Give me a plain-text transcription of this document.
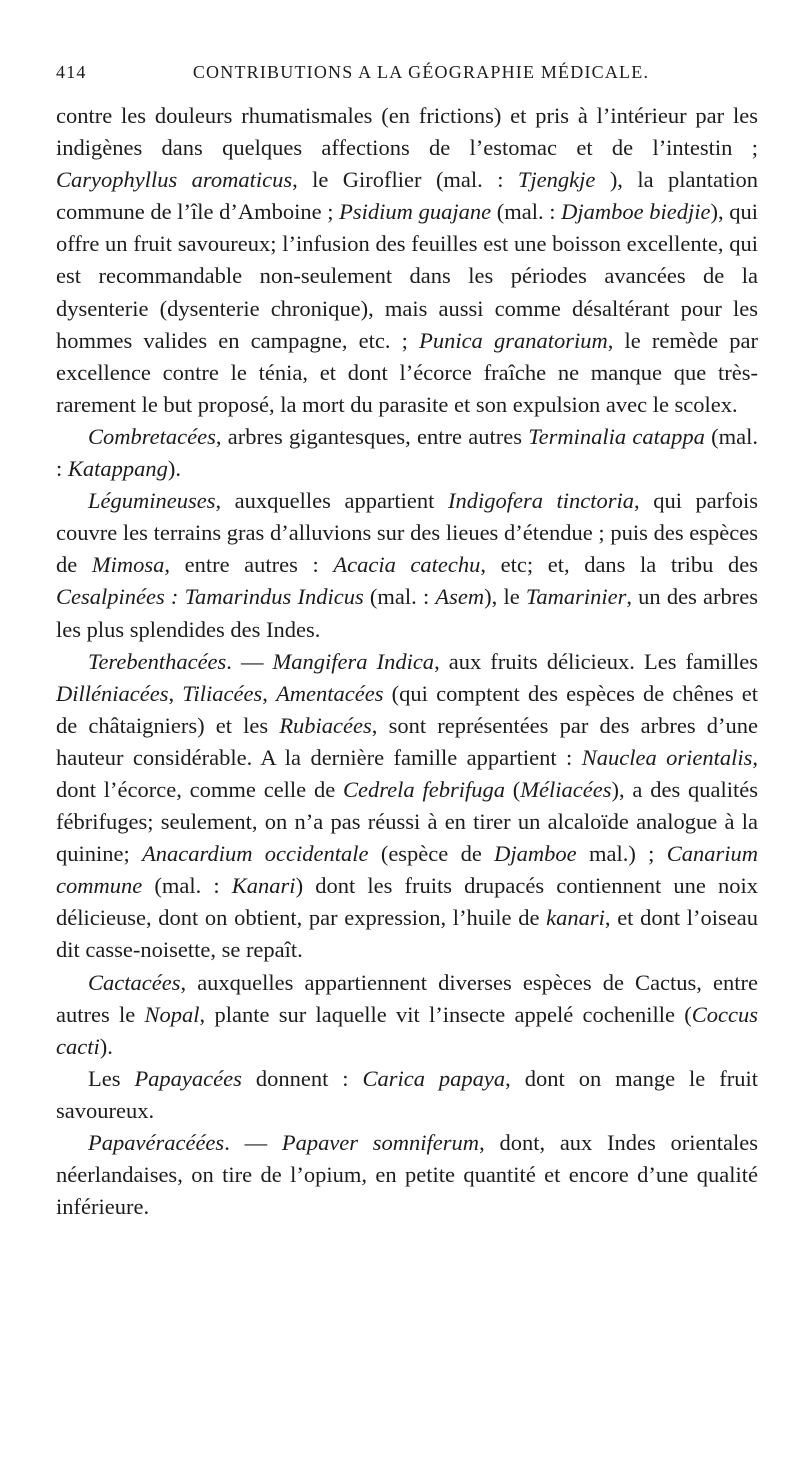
414	CONTRIBUTIONS A LA GÉOGRAPHIE MÉDICALE.

contre les douleurs rhumatismales (en frictions) et pris à l’intérieur par les indigènes dans quelques affections de l’estomac et de l’intestin ; Caryophyllus aromaticus, le Giroflier (mal. : Tjengkje ), la plantation commune de l’île d’Amboine ; Psidium guajane (mal. : Djamboe biedjie), qui offre un fruit savoureux; l’infusion des feuilles est une boisson excellente, qui est recommandable non-seulement dans les périodes avancées de la dysenterie (dysenterie chronique), mais aussi comme désaltérant pour les hommes valides en campagne, etc. ; Punica granatorium, le remède par excellence contre le ténia, et dont l’écorce fraîche ne manque que très-rarement le but proposé, la mort du parasite et son expulsion avec le scolex.

Combretacées, arbres gigantesques, entre autres Terminalia catappa (mal. : Katappang).

Légumineuses, auxquelles appartient Indigofera tinctoria, qui parfois couvre les terrains gras d’alluvions sur des lieues d’étendue ; puis des espèces de Mimosa, entre autres : Acacia catechu, etc; et, dans la tribu des Cesalpinées : Tamarindus Indicus (mal. : Asem), le Tamarinier, un des arbres les plus splendides des Indes.

Terebenthacées. — Mangifera Indica, aux fruits délicieux. Les familles Dilléniacées, Tiliacées, Amentacées (qui comptent des espèces de chênes et de châtaigniers) et les Rubiacées, sont représentées par des arbres d’une hauteur considérable. A la dernière famille appartient : Nauclea orientalis, dont l’écorce, comme celle de Cedrela febrifuga (Méliacées), a des qualités fébrifuges; seulement, on n’a pas réussi à en tirer un alcaloïde analogue à la quinine; Anacardium occidentale (espèce de Djamboe mal.) ; Canarium commune (mal. : Kanari) dont les fruits drupacés contiennent une noix délicieuse, dont on obtient, par expression, l’huile de kanari, et dont l’oiseau dit casse-noisette, se repaît.

Cactacées, auxquelles appartiennent diverses espèces de Cactus, entre autres le Nopal, plante sur laquelle vit l’insecte appelé cochenille (Coccus cacti).

Les Papayacées donnent : Carica papaya, dont on mange le fruit savoureux.

Papavéracéées. — Papaver somniferum, dont, aux Indes orientales néerlandaises, on tire de l’opium, en petite quantité et encore d’une qualité inférieure.
